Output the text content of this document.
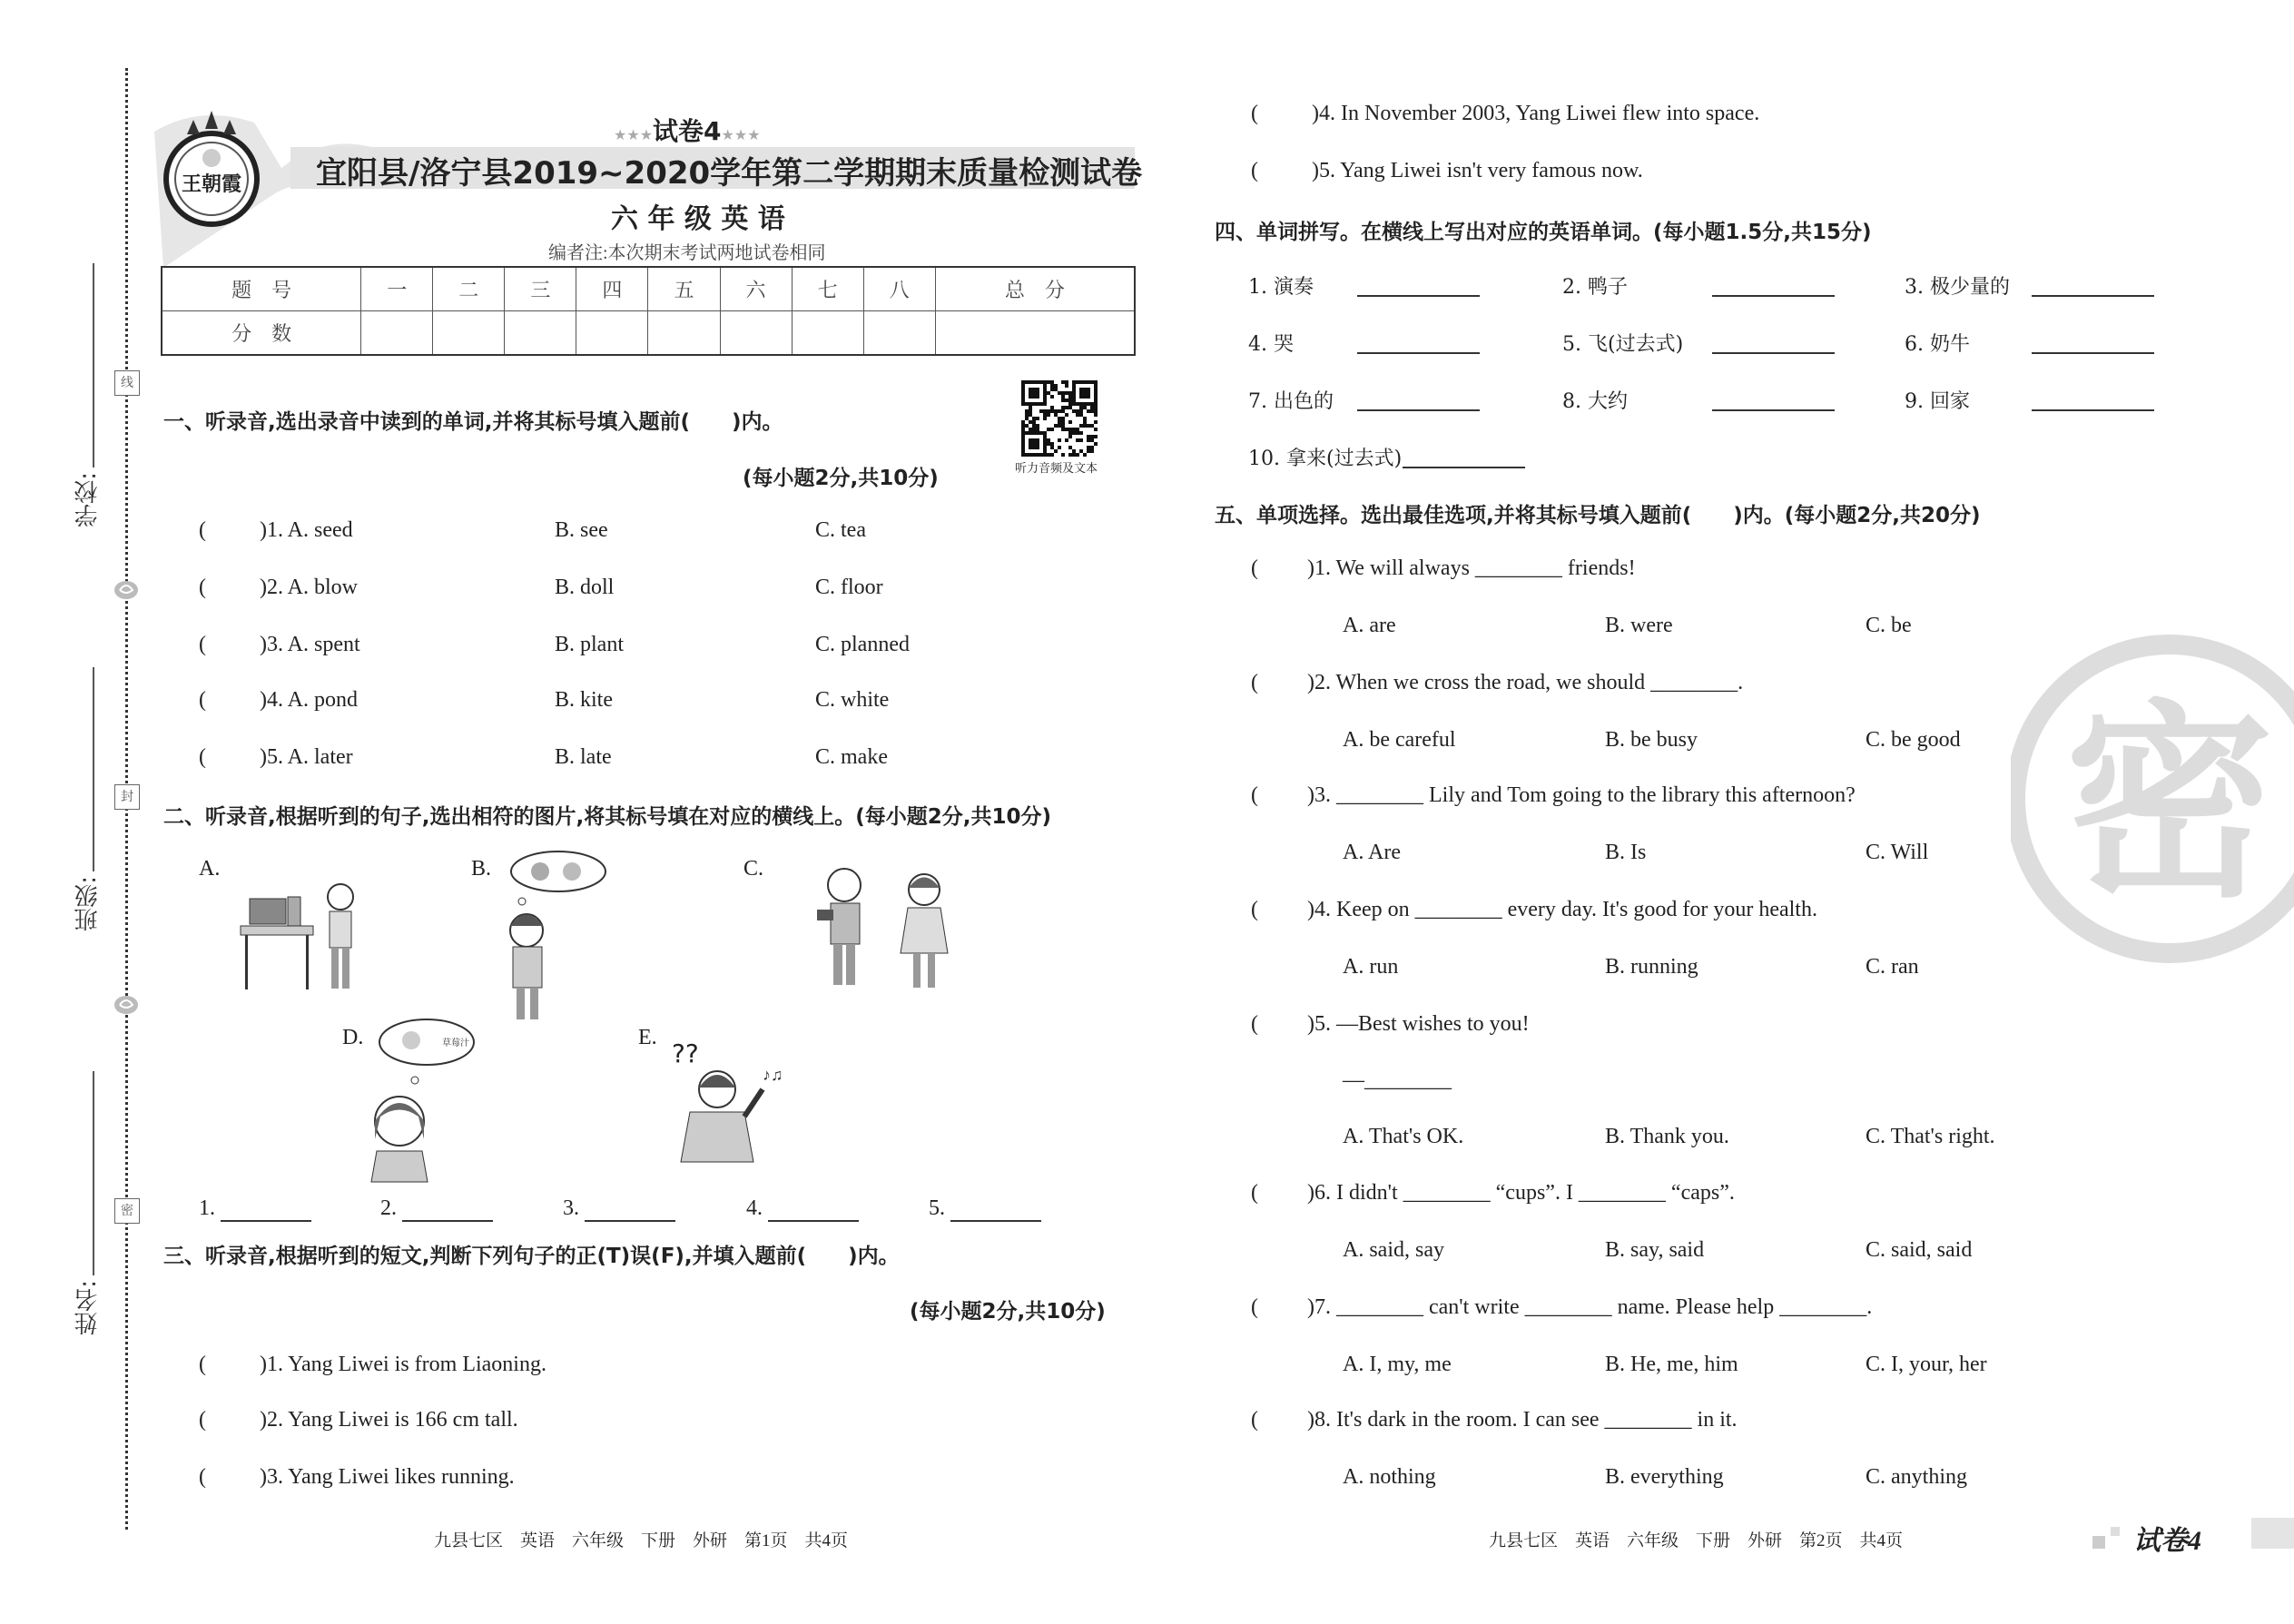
学校:
班级:
姓名:
线
封
密
王朝霞
★★★试卷4★★★
宜阳县/洛宁县2019~2020学年第二学期期末质量检测试卷
六 年 级 英 语
编者注:本次期末考试两地试卷相同
题　号	一	二	三	四	五	六	七	八	总　分
分　数									
听力音频及文本
一、听录音,选出录音中读到的单词,并将其标号填入题前(　　)内。
(每小题2分,共10分)
( )1. A. seed	B. see	C. tea
( )2. A. blow	B. doll	C. floor
( )3. A. spent	B. plant	C. planned
( )4. A. pond	B. kite	C. white
( )5. A. later	B. late	C. make
二、听录音,根据听到的句子,选出相符的图片,将其标号填在对应的横线上。(每小题2分,共10分)
A.	B.	C.
D.	E.
草莓汁	??
♪♫
1.	2.	3.	4.	5.
三、听录音,根据听到的短文,判断下列句子的正(T)误(F),并填入题前(　　)内。
(每小题2分,共10分)
( )1. Yang Liwei is from Liaoning.
( )2. Yang Liwei is 166 cm tall.
( )3. Yang Liwei likes running.
( )4. In November 2003, Yang Liwei flew into space.
( )5. Yang Liwei isn't very famous now.
四、单词拼写。在横线上写出对应的英语单词。(每小题1.5分,共15分)
1. 演奏	2. 鸭子	3. 极少量的
4. 哭	5. 飞(过去式)	6. 奶牛
7. 出色的	8. 大约	9. 回家
10. 拿来(过去式)
五、单项选择。选出最佳选项,并将其标号填入题前(　　)内。(每小题2分,共20分)
( )1. We will always ________ friends!
A. are	B. were	C. be
( )2. When we cross the road, we should ________.
A. be careful	B. be busy	C. be good
( )3. ________ Lily and Tom going to the library this afternoon?
A. Are	B. Is	C. Will
( )4. Keep on ________ every day. It's good for your health.
A. run	B. running	C. ran
( )5. —Best wishes to you!
—________
A. That's OK.	B. Thank you.	C. That's right.
( )6. I didn't ________ “cups”. I ________ “caps”.
A. said, say	B. say, said	C. said, said
( )7. ________ can't write ________ name. Please help ________.
A. I, my, me	B. He, me, him	C. I, your, her
( )8. It's dark in the room. I can see ________ in it.
A. nothing	B. everything	C. anything
密
九县七区　英语　六年级　下册　外研　第1页　共4页	九县七区　英语　六年级　下册　外研　第2页　共4页	试卷4
